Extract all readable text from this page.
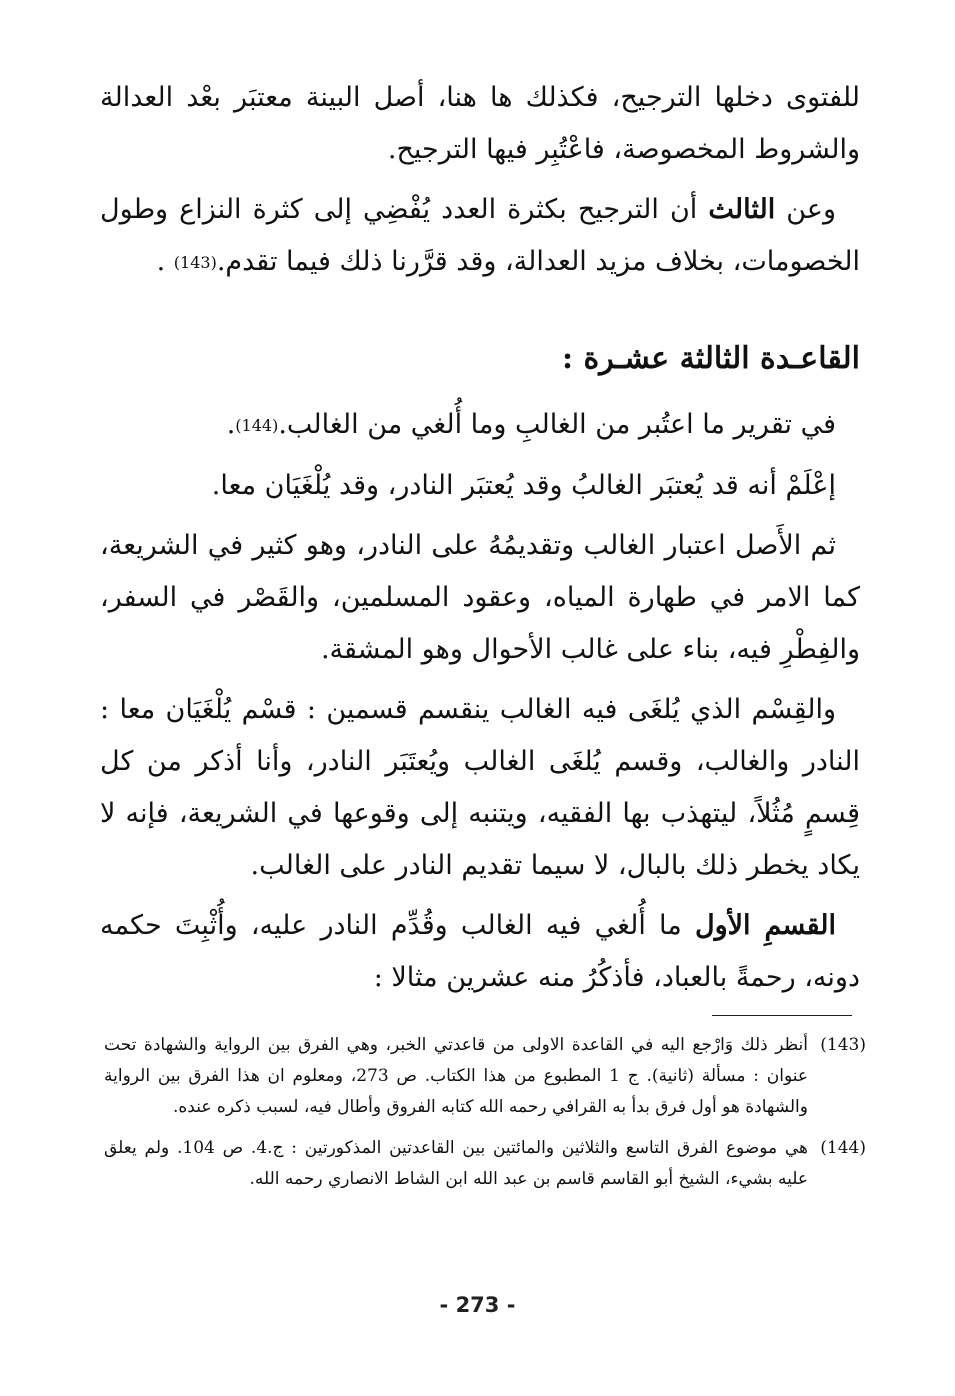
للفتوى دخلها الترجيح، فكذلك ها هنا، أصل البينة معتبَر بعْد العدالة والشروط المخصوصة، فاعْتُبِر فيها الترجيح.

وعن الثالث أن الترجيح بكثرة العدد يُفْضِي إلى كثرة النزاع وطول الخصومات، بخلاف مزيد العدالة، وقد قرَّرنا ذلك فيما تقدم.(143) .

القاعـدة الثالثة عشـرة :

في تقرير ما اعتُبر من الغالبِ وما أُلغي من الغالب.(144).

إعْلَمْ أنه قد يُعتبَر الغالبُ وقد يُعتبَر النادر، وقد يُلْغَيَان معا.

ثم الأَصل اعتبار الغالب وتقديمُهُ على النادر، وهو كثير في الشريعة، كما الامر في طهارة المياه، وعقود المسلمين، والقَصْر في السفر، والفِطْرِ فيه، بناء على غالب الأحوال وهو المشقة.

والقِسْم الذي يُلغَى فيه الغالب ينقسم قسمين : قسْم يُلْغَيَان معا : النادر والغالب، وقسم يُلغَى الغالب ويُعتَبَر النادر، وأنا أذكر من كل قِسمٍ مُثُلاً، ليتهذب بها الفقيه، ويتنبه إلى وقوعها في الشريعة، فإنه لا يكاد يخطر ذلك بالبال، لا سيما تقديم النادر على الغالب.

القسمِ الأول ما أُلغي فيه الغالب وقُدِّم النادر عليه، وأُثْبِتَ حكمه دونه، رحمةً بالعباد، فأذكُرُ منه عشرين مثالا :

(143)
أنظر ذلك وَارْجع اليه في القاعدة الاولى من قاعدتي الخبر، وهي الفرق بين الرواية والشهادة تحت عنوان : مسألة (ثانية). ج 1 المطبوع من هذا الكتاب. ص 273، ومعلوم ان هذا الفرق بين الرواية والشهادة هو أول فرق بدأ به القرافي رحمه الله كتابه الفروق وأطال فيه، لسبب ذكره عنده.
(144)
هي موضوع الفرق التاسع والثلاثين والمائتين بين القاعدتين المذكورتين : ج.4. ص 104. ولم يعلق عليه بشيء، الشيخ أبو القاسم قاسم بن عبد الله ابن الشاط الانصاري رحمه الله.
- 273 -
